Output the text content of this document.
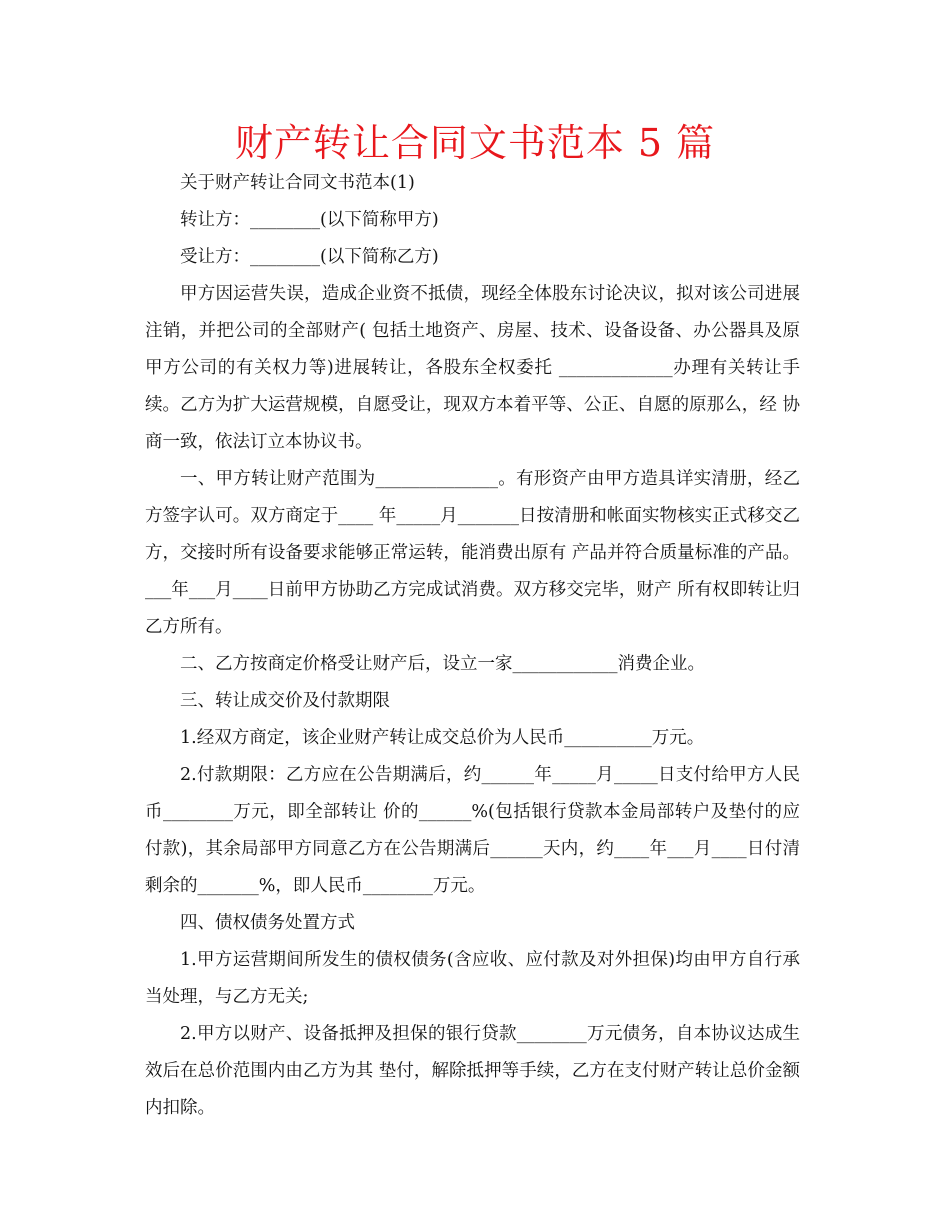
财产转让合同文书范本 5 篇

关于财产转让合同文书范本(1)

转让方：________(以下简称甲方)

受让方：________(以下简称乙方)

甲方因运营失误，造成企业资不抵债，现经全体股东讨论决议，拟对该公司进展注销，并把公司的全部财产( 包括土地资产、房屋、技术、设备设备、办公器具及原甲方公司的有关权力等)进展转让，各股东全权委托 _____________办理有关转让手续。乙方为扩大运营规模，自愿受让，现双方本着平等、公正、自愿的原那么，经 协商一致，依法订立本协议书。

一、甲方转让财产范围为______________。有形资产由甲方造具详实清册，经乙方签字认可。双方商定于____ 年_____月_______日按清册和帐面实物核实正式移交乙方，交接时所有设备要求能够正常运转，能消费出原有 产品并符合质量标准的产品。___年___月____日前甲方协助乙方完成试消费。双方移交完毕，财产 所有权即转让归乙方所有。

二、乙方按商定价格受让财产后，设立一家____________消费企业。

三、转让成交价及付款期限

1.经双方商定，该企业财产转让成交总价为人民币__________万元。

2.付款期限：乙方应在公告期满后，约______年_____月_____日支付给甲方人民币________万元，即全部转让 价的______%(包括银行贷款本金局部转户及垫付的应付款)，其余局部甲方同意乙方在公告期满后______天内，约____年___月____日付清剩余的_______%，即人民币________万元。

四、债权债务处置方式

1.甲方运营期间所发生的债权债务(含应收、应付款及对外担保)均由甲方自行承当处理，与乙方无关;

2.甲方以财产、设备抵押及担保的银行贷款________万元债务，自本协议达成生效后在总价范围内由乙方为其 垫付，解除抵押等手续，乙方在支付财产转让总价金额内扣除。
